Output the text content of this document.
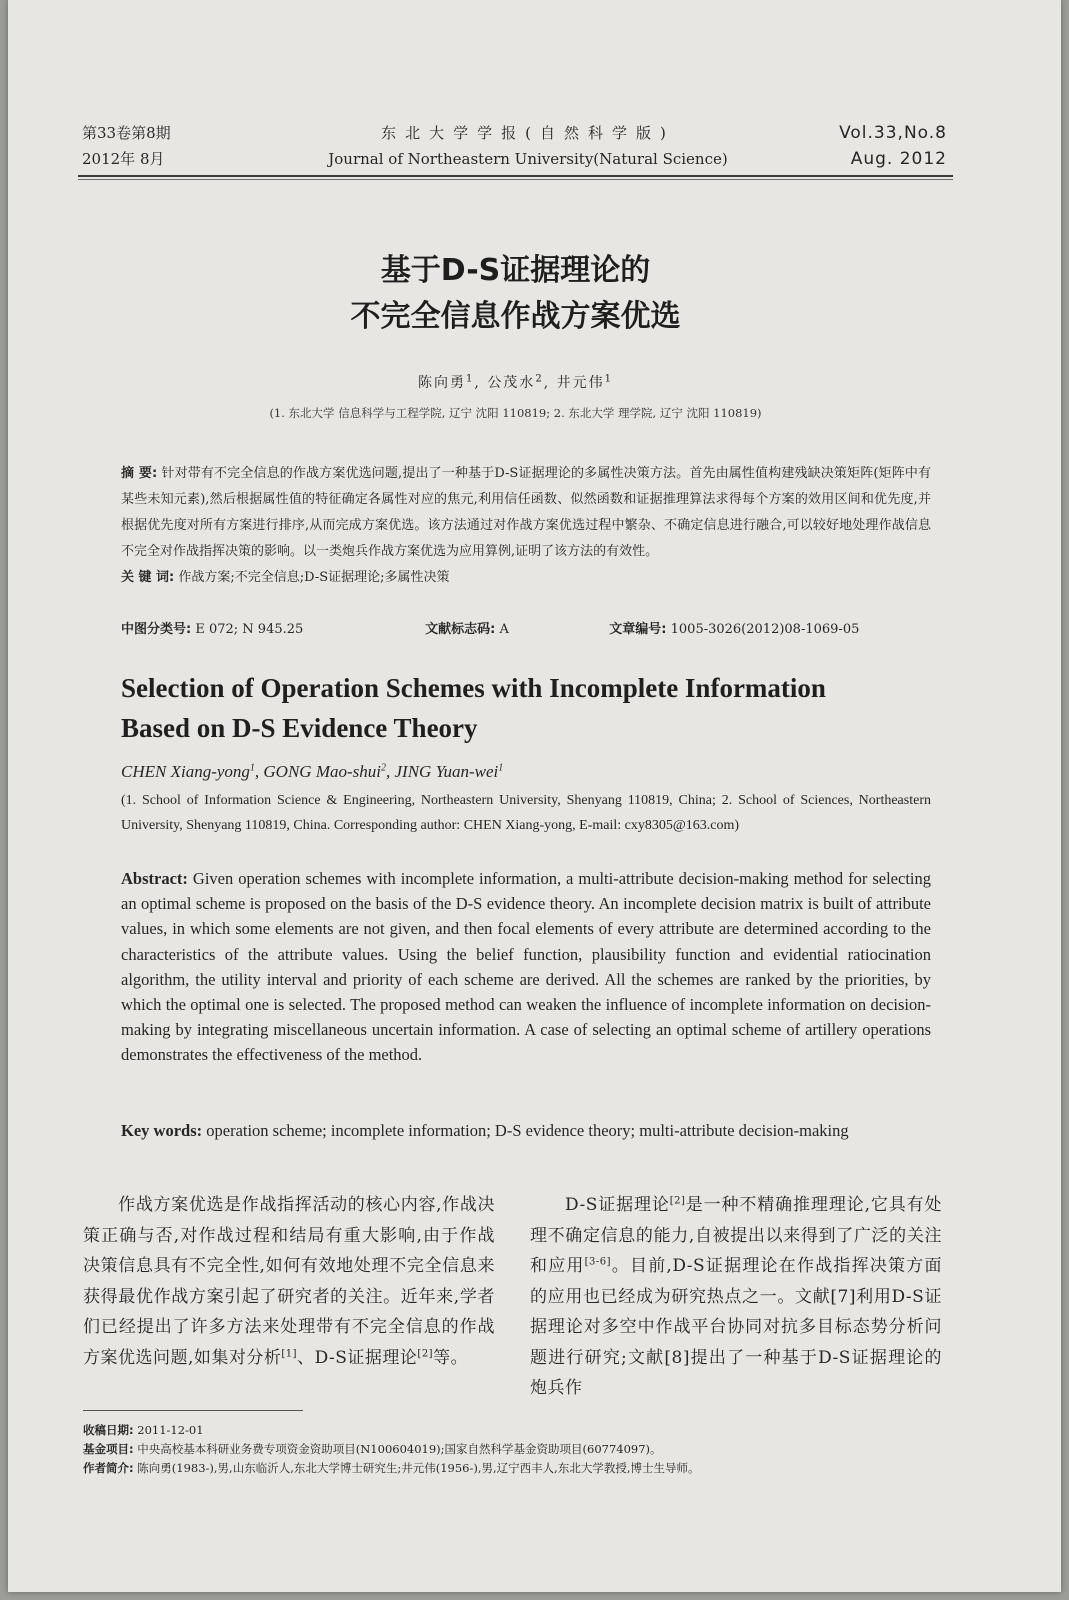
第33卷第8期
2012年 8月
东北大学学报(自然科学版)
Journal of Northeastern University(Natural Science)
Vol.33,No.8
Aug. 2012
基于D-S证据理论的
不完全信息作战方案优选
陈向勇$^1$, 公茂水$^2$, 井元伟$^1$
(1. 东北大学 信息科学与工程学院, 辽宁 沈阳 110819; 2. 东北大学 理学院, 辽宁 沈阳 110819)
摘 要: 针对带有不完全信息的作战方案优选问题,提出了一种基于D-S证据理论的多属性决策方法。首先由属性值构建残缺决策矩阵(矩阵中有某些未知元素),然后根据属性值的特征确定各属性对应的焦元,利用信任函数、似然函数和证据推理算法求得每个方案的效用区间和优先度,并根据优先度对所有方案进行排序,从而完成方案优选。该方法通过对作战方案优选过程中繁杂、不确定信息进行融合,可以较好地处理作战信息不完全对作战指挥决策的影响。以一类炮兵作战方案优选为应用算例,证明了该方法的有效性。
关 键 词: 作战方案;不完全信息;D-S证据理论;多属性决策
中图分类号: E 072; N 945.25	文献标志码: A	文章编号: 1005-3026(2012)08-1069-05
Selection of Operation Schemes with Incomplete Information
Based on D-S Evidence Theory
CHEN Xiang-yong$^1$, GONG Mao-shui$^2$, JING Yuan-wei$^1$
(1. School of Information Science & Engineering, Northeastern University, Shenyang 110819, China; 2. School of Sciences, Northeastern University, Shenyang 110819, China. Corresponding author: CHEN Xiang-yong, E-mail: cxy8305@163.com)
Abstract: Given operation schemes with incomplete information, a multi-attribute decision-making method for selecting an optimal scheme is proposed on the basis of the D-S evidence theory. An incomplete decision matrix is built of attribute values, in which some elements are not given, and then focal elements of every attribute are determined according to the characteristics of the attribute values. Using the belief function, plausibility function and evidential ratiocination algorithm, the utility interval and priority of each scheme are derived. All the schemes are ranked by the priorities, by which the optimal one is selected. The proposed method can weaken the influence of incomplete information on decision-making by integrating miscellaneous uncertain information. A case of selecting an optimal scheme of artillery operations demonstrates the effectiveness of the method.
Key words: operation scheme; incomplete information; D-S evidence theory; multi-attribute decision-making
  作战方案优选是作战指挥活动的核心内容,作战决策正确与否,对作战过程和结局有重大影响,由于作战决策信息具有不完全性,如何有效地处理不完全信息来获得最优作战方案引起了研究者的关注。近年来,学者们已经提出了许多方法来处理带有不完全信息的作战方案优选问题,如集对分析[1]、D-S证据理论[2]等。
  D-S证据理论[2]是一种不精确推理理论,它具有处理不确定信息的能力,自被提出以来得到了广泛的关注和应用[3-6]。目前,D-S证据理论在作战指挥决策方面的应用也已经成为研究热点之一。文献[7]利用D-S证据理论对多空中作战平台协同对抗多目标态势分析问题进行研究;文献[8]提出了一种基于D-S证据理论的炮兵作
收稿日期: 2011-12-01
基金项目: 中央高校基本科研业务费专项资金资助项目(N100604019);国家自然科学基金资助项目(60774097)。
作者简介: 陈向勇(1983-),男,山东临沂人,东北大学博士研究生;井元伟(1956-),男,辽宁西丰人,东北大学教授,博士生导师。
